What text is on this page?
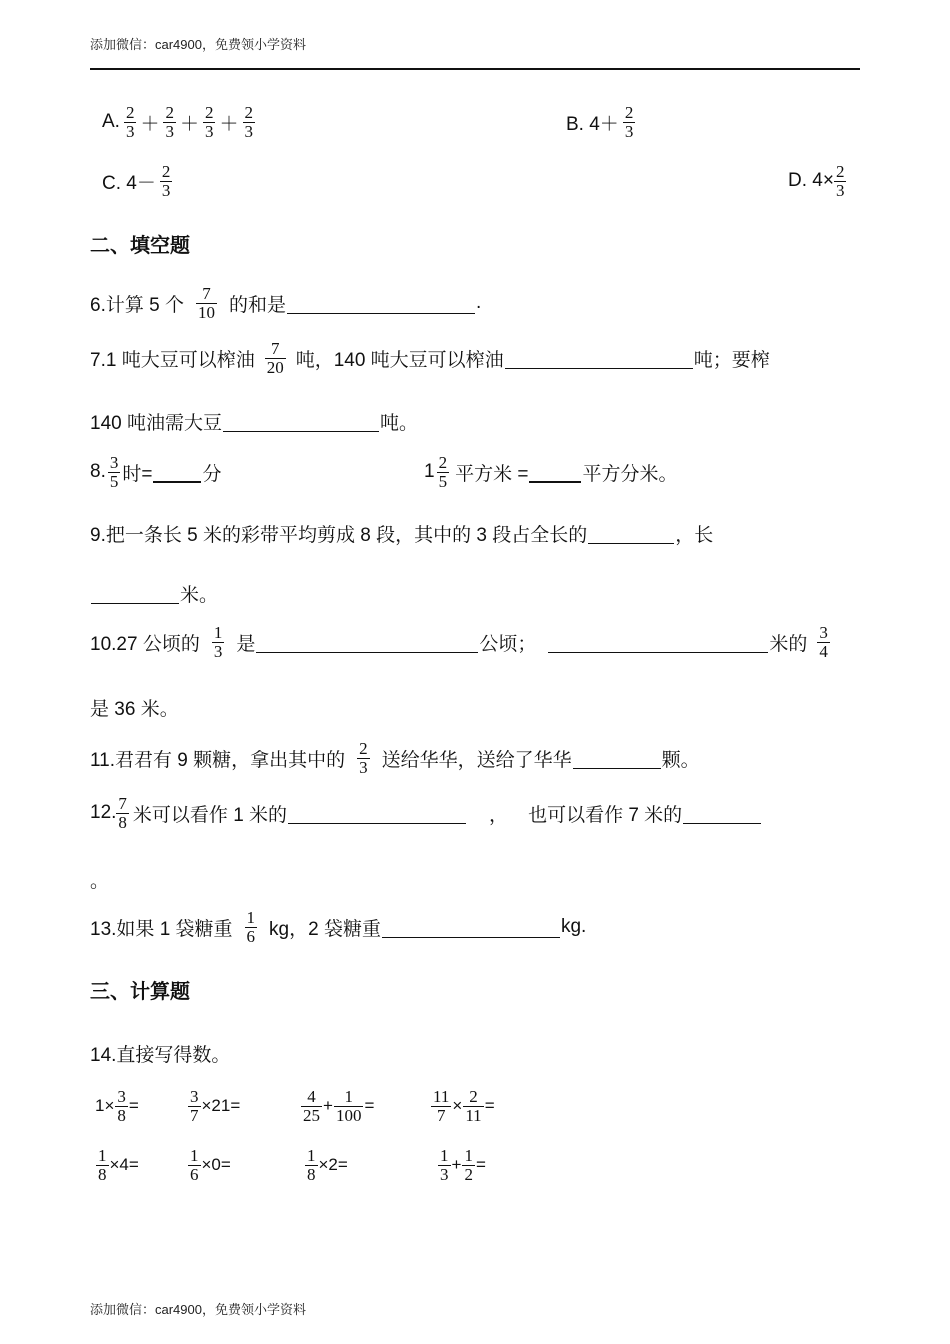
添加微信：car4900，免费领小学资料
A. $\frac{2}{3} + \frac{2}{3} + \frac{2}{3} + \frac{2}{3}$	B. $4+ \frac{2}{3}$
C. $4- \frac{2}{3}$	D. $4\times \frac{2}{3}$
二、填空题
6.计算 5 个 $\frac{7}{10}$ 的和是	.
7.1 吨大豆可以榨油 $\frac{7}{20}$ 吨，140 吨大豆可以榨油	吨；要榨
140 吨油需大豆	吨。
8. $\frac{3}{5}$ 时=	分	$1 \frac{2}{5}$ 平方米 =	平方分米。
9.把一条长 5 米的彩带平均剪成 8 段，其中的 3 段占全长的	，长
米。
10.27 公顷的 $\frac{1}{3}$ 是	公顷；	米的 $\frac{3}{4}$
是 36 米。
11.君君有 9 颗糖，拿出其中的 $\frac{2}{3}$ 送给华华，送给了华华	颗。
12. $\frac{7}{8}$ 米可以看作 1 米的	， 也可以看作 7 米的
。
13.如果 1 袋糖重 $\frac{1}{6}$ kg，2 袋糖重	kg.
三、计算题
14.直接写得数。
$1\times \frac{3}{8}$ =	$\frac{3}{7} \times 21=$	$\frac{4}{25} + \frac{1}{100}$ =	$\frac{11}{7} \times \frac{2}{11}$ =
$\frac{1}{8} \times 4=$	$\frac{1}{6} \times 0=$	$\frac{1}{8} \times 2=$	$\frac{1}{3} + \frac{1}{2}$ =
添加微信：car4900，免费领小学资料
